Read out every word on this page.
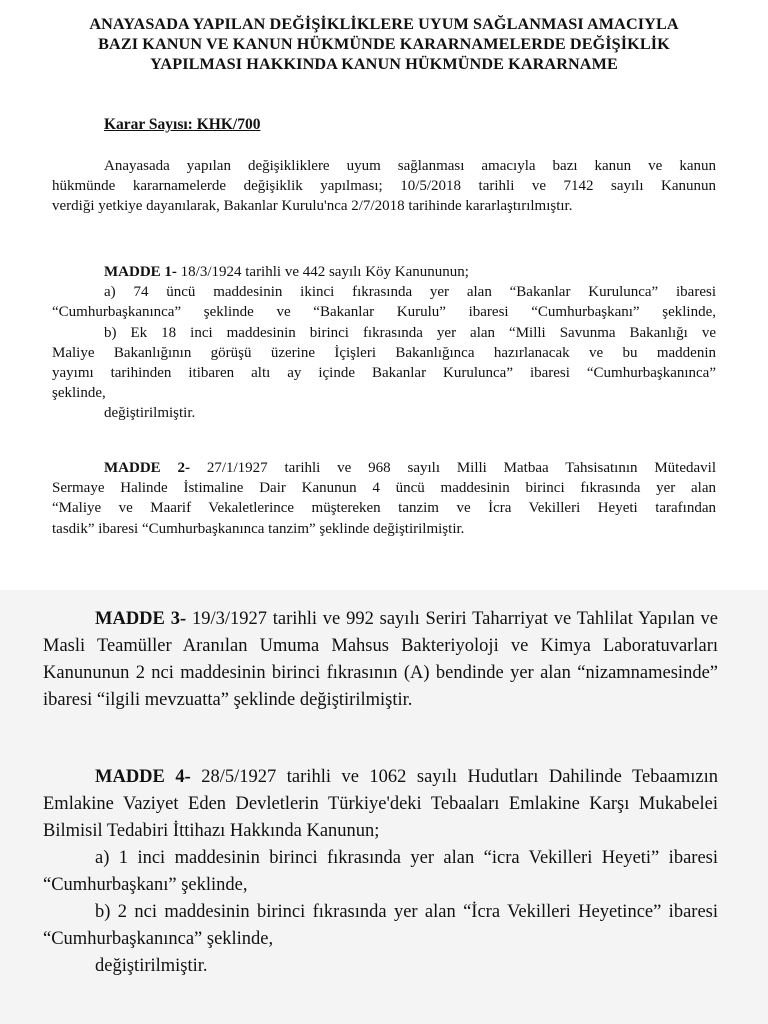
ANAYASADA YAPILAN DEĞİŞİKLİKLERE UYUM SAĞLANMASI AMACIYLA
BAZI KANUN VE KANUN HÜKMÜNDE KARARNAMELERDE DEĞİŞİKLİK
YAPILMASI HAKKINDA KANUN HÜKMÜNDE KARARNAME
Karar Sayısı: KHK/700
Anayasada yapılan değişikliklere uyum sağlanması amacıyla bazı kanun ve kanun
hükmünde kararnamelerde değişiklik yapılması; 10/5/2018 tarihli ve 7142 sayılı Kanunun
verdiği yetkiye dayanılarak, Bakanlar Kurulu'nca 2/7/2018 tarihinde kararlaştırılmıştır.
MADDE 1- 18/3/1924 tarihli ve 442 sayılı Köy Kanununun;
a) 74 üncü maddesinin ikinci fıkrasında yer alan “Bakanlar Kurulunca” ibaresi
“Cumhurbaşkanınca” şeklinde ve “Bakanlar Kurulu” ibaresi “Cumhurbaşkanı” şeklinde,
b) Ek 18 inci maddesinin birinci fıkrasında yer alan “Milli Savunma Bakanlığı ve
Maliye Bakanlığının görüşü üzerine İçişleri Bakanlığınca hazırlanacak ve bu maddenin
yayımı tarihinden itibaren altı ay içinde Bakanlar Kurulunca” ibaresi “Cumhurbaşkanınca”
şeklinde,
değiştirilmiştir.
MADDE 2- 27/1/1927 tarihli ve 968 sayılı Milli Matbaa Tahsisatının Mütedavil
Sermaye Halinde İstimaline Dair Kanunun 4 üncü maddesinin birinci fıkrasında yer alan
“Maliye ve Maarif Vekaletlerince müştereken tanzim ve İcra Vekilleri Heyeti tarafından
tasdik” ibaresi “Cumhurbaşkanınca tanzim” şeklinde değiştirilmiştir.
MADDE 3- 19/3/1927 tarihli ve 992 sayılı Seriri Taharriyat ve Tahlilat Yapılan ve
Masli Teamüller Aranılan Umuma Mahsus Bakteriyoloji ve Kimya Laboratuvarları
Kanununun 2 nci maddesinin birinci fıkrasının (A) bendinde yer alan “nizamnamesinde”
ibaresi “ilgili mevzuatta” şeklinde değiştirilmiştir.
MADDE 4- 28/5/1927 tarihli ve 1062 sayılı Hudutları Dahilinde Tebaamızın
Emlakine Vaziyet Eden Devletlerin Türkiye'deki Tebaaları Emlakine Karşı Mukabelei
Bilmisil Tedabiri İttihazı Hakkında Kanunun;
a) 1 inci maddesinin birinci fıkrasında yer alan “icra Vekilleri Heyeti” ibaresi
“Cumhurbaşkanı” şeklinde,
b) 2 nci maddesinin birinci fıkrasında yer alan “İcra Vekilleri Heyetince” ibaresi
“Cumhurbaşkanınca” şeklinde,
değiştirilmiştir.
